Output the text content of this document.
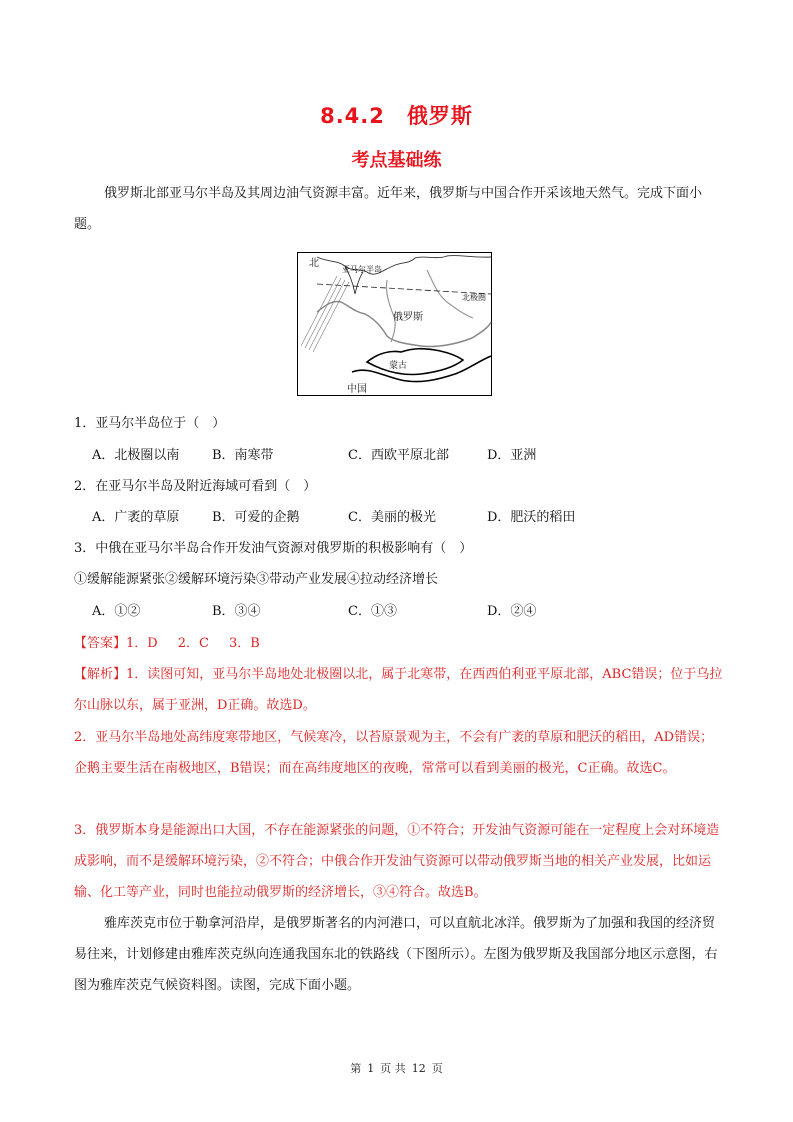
8.4.2　俄罗斯
考点基础练
俄罗斯北部亚马尔半岛及其周边油气资源丰富。近年来，俄罗斯与中国合作开采该地天然气。完成下面小题。
北
亚马尔半岛
北极圈
俄罗斯
蒙古
中国
1．亚马尔半岛位于（　）
A．北极圈以南	B．南寒带	C．西欧平原北部	D．亚洲
2．在亚马尔半岛及附近海域可看到（　）
A．广袤的草原	B．可爱的企鹅	C．美丽的极光	D．肥沃的稻田
3．中俄在亚马尔半岛合作开发油气资源对俄罗斯的积极影响有（　）
①缓解能源紧张②缓解环境污染③带动产业发展④拉动经济增长
A．①②	B．③④	C．①③	D．②④
【答案】1．D 2．C 3．B
【解析】1．读图可知，亚马尔半岛地处北极圈以北，属于北寒带，在西西伯利亚平原北部，ABC错误；位于乌拉尔山脉以东，属于亚洲，D正确。故选D。
2．亚马尔半岛地处高纬度寒带地区，气候寒冷，以苔原景观为主，不会有广袤的草原和肥沃的稻田，AD错误；企鹅主要生活在南极地区，B错误；而在高纬度地区的夜晚，常常可以看到美丽的极光，C正确。故选C。
3．俄罗斯本身是能源出口大国，不存在能源紧张的问题，①不符合；开发油气资源可能在一定程度上会对环境造成影响，而不是缓解环境污染，②不符合；中俄合作开发油气资源可以带动俄罗斯当地的相关产业发展，比如运输、化工等产业，同时也能拉动俄罗斯的经济增长，③④符合。故选B。
雅库茨克市位于勒拿河沿岸，是俄罗斯著名的内河港口，可以直航北冰洋。俄罗斯为了加强和我国的经济贸易往来，计划修建由雅库茨克纵向连通我国东北的铁路线（下图所示）。左图为俄罗斯及我国部分地区示意图，右图为雅库茨克气候资料图。读图，完成下面小题。
第 1 页 共 12 页
